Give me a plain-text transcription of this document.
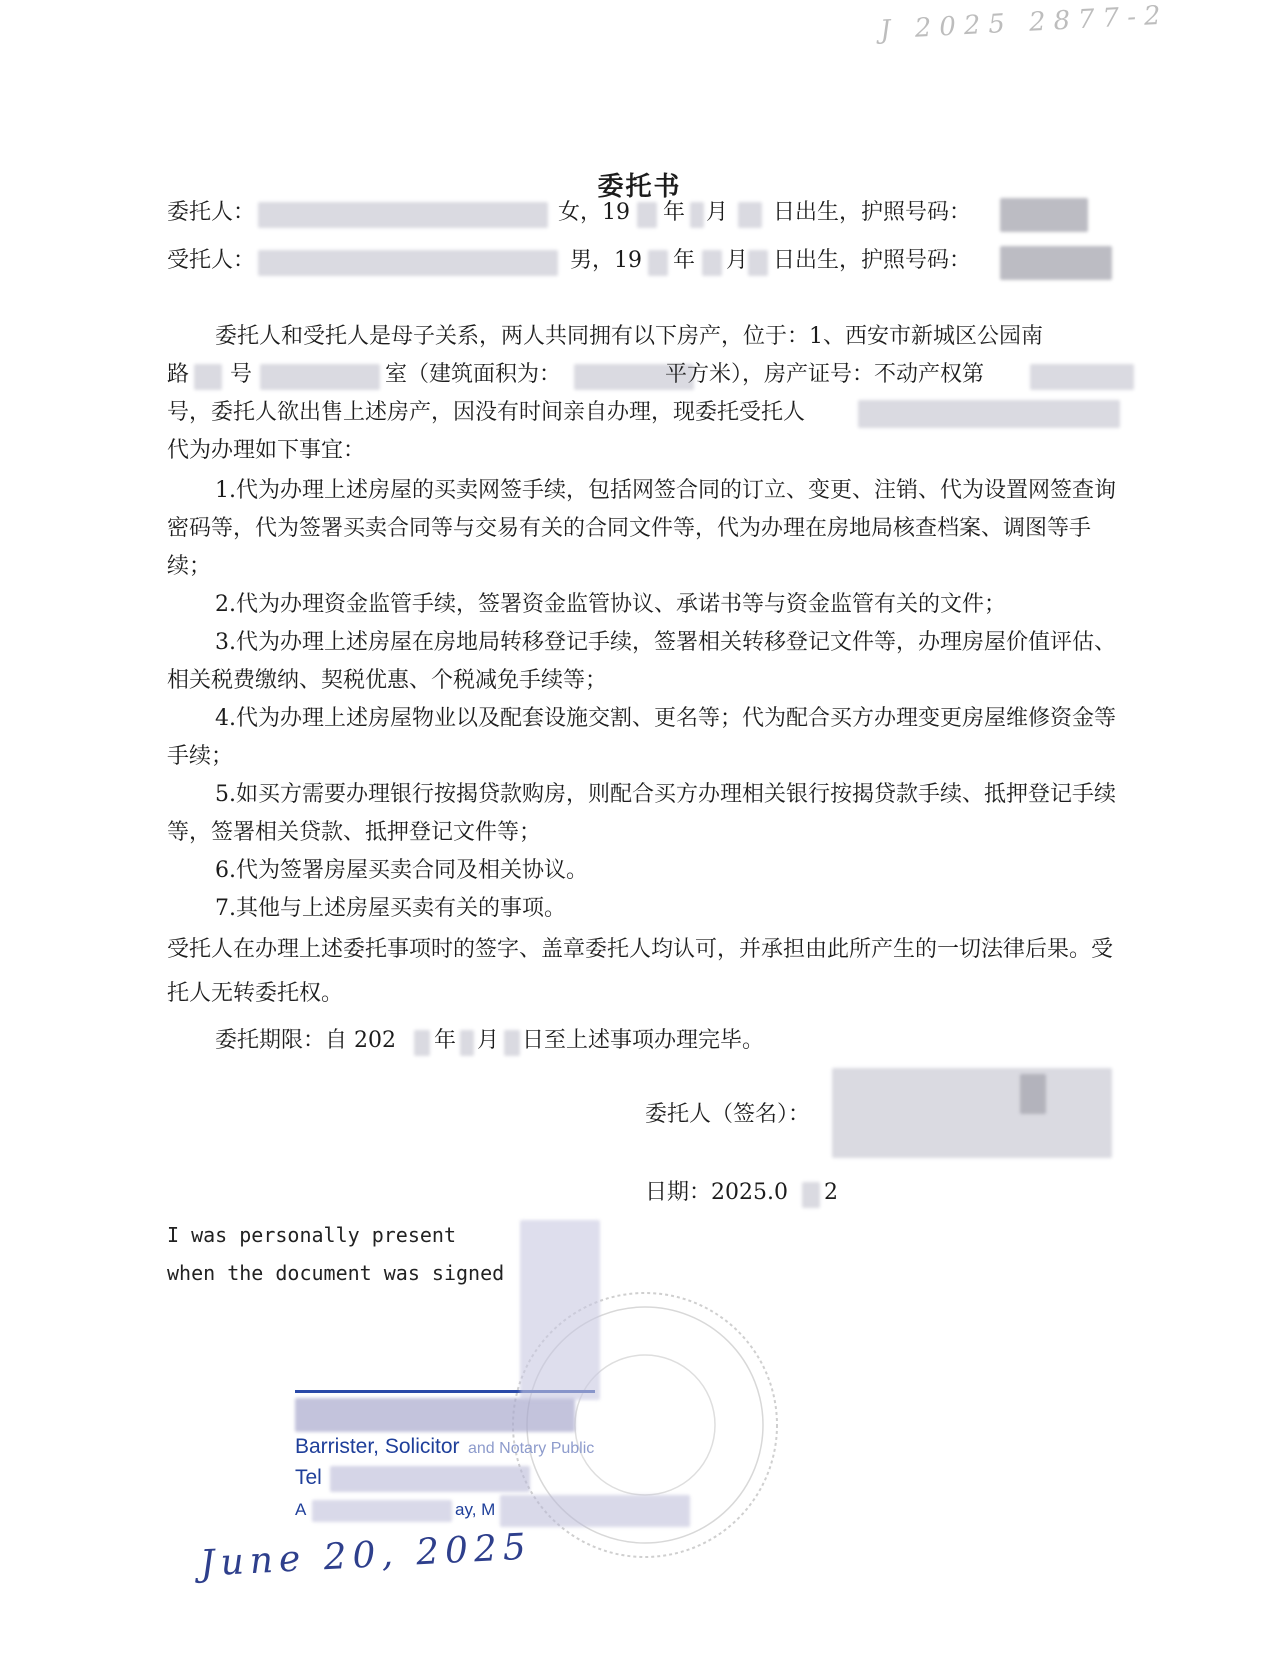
J 2025 2877-2
委托书
委托人：	女，19 年 月 日出生，护照号码：
受托人：	男，19 年 月 日出生，护照号码：
委托人和受托人是母子关系，两人共同拥有以下房产，位于：1、西安市新城区公园南
路 号	室（建筑面积为：	平方米），房产证号：不动产权第
号，委托人欲出售上述房产，因没有时间亲自办理，现委托受托人
代为办理如下事宜：

1.代为办理上述房屋的买卖网签手续，包括网签合同的订立、变更、注销、代为设置网签查询密码等，代为签署买卖合同等与交易有关的合同文件等，代为办理在房地局核查档案、调图等手续；

2.代为办理资金监管手续，签署资金监管协议、承诺书等与资金监管有关的文件；

3.代为办理上述房屋在房地局转移登记手续，签署相关转移登记文件等，办理房屋价值评估、相关税费缴纳、契税优惠、个税减免手续等；

4.代为办理上述房屋物业以及配套设施交割、更名等；代为配合买方办理变更房屋维修资金等手续；

5.如买方需要办理银行按揭贷款购房，则配合买方办理相关银行按揭贷款手续、抵押登记手续等，签署相关贷款、抵押登记文件等；

6.代为签署房屋买卖合同及相关协议。

7.其他与上述房屋买卖有关的事项。

受托人在办理上述委托事项时的签字、盖章委托人均认可，并承担由此所产生的一切法律后果。受托人无转委托权。

委托期限：自 202 年 月 日至上述事项办理完毕。
委托人（签名）：
日期：2025.0 2
I was personally present
when the document was signed
Barrister, Solicitor and Notary Public
Tel
A	ay, M
June 20, 2025
